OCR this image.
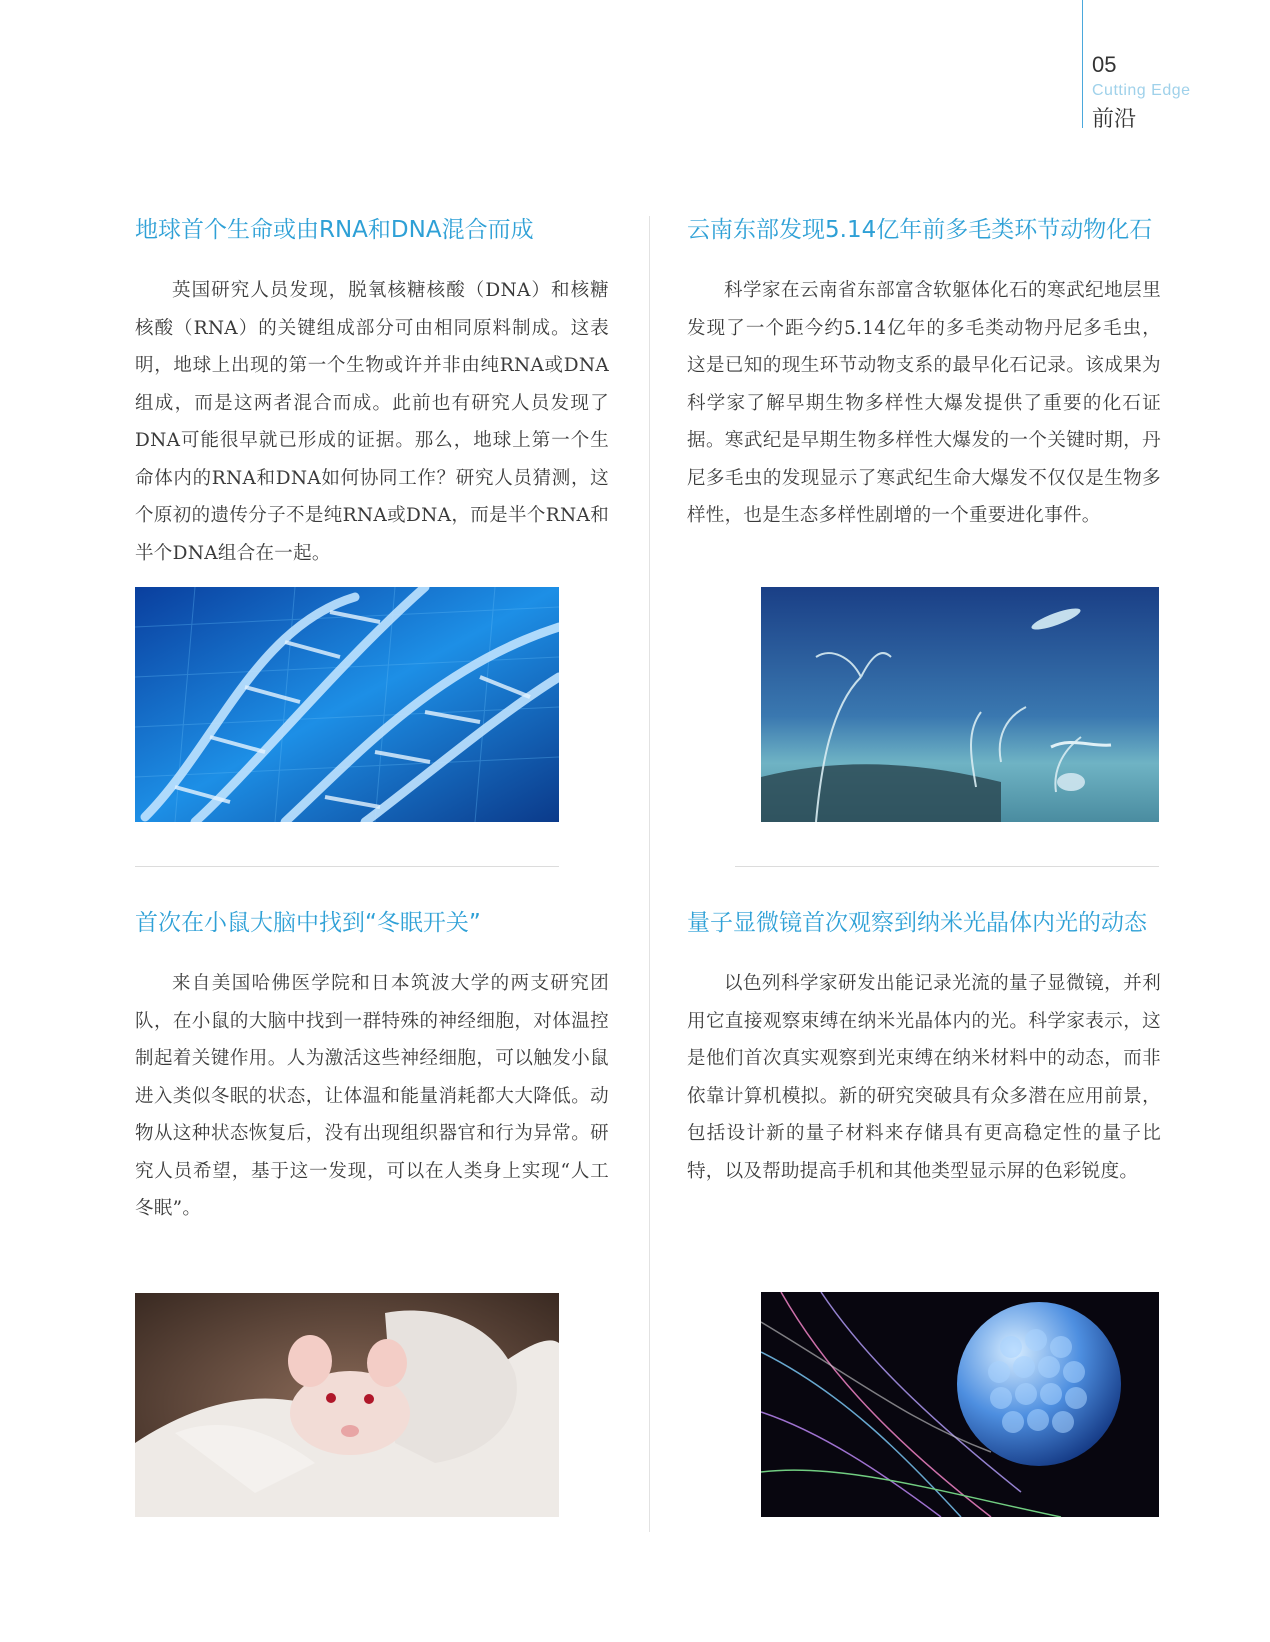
05
Cutting Edge
前沿
地球首个生命或由RNA和DNA混合而成

英国研究人员发现，脱氧核糖核酸（DNA）和核糖核酸（RNA）的关键组成部分可由相同原料制成。这表明，地球上出现的第一个生物或许并非由纯RNA或DNA组成，而是这两者混合而成。此前也有研究人员发现了DNA可能很早就已形成的证据。那么，地球上第一个生命体内的RNA和DNA如何协同工作？研究人员猜测，这个原初的遗传分子不是纯RNA或DNA，而是半个RNA和半个DNA组合在一起。

云南东部发现5.14亿年前多毛类环节动物化石

科学家在云南省东部富含软躯体化石的寒武纪地层里发现了一个距今约5.14亿年的多毛类动物丹尼多毛虫，这是已知的现生环节动物支系的最早化石记录。该成果为科学家了解早期生物多样性大爆发提供了重要的化石证据。寒武纪是早期生物多样性大爆发的一个关键时期，丹尼多毛虫的发现显示了寒武纪生命大爆发不仅仅是生物多样性，也是生态多样性剧增的一个重要进化事件。

首次在小鼠大脑中找到“冬眠开关”

来自美国哈佛医学院和日本筑波大学的两支研究团队，在小鼠的大脑中找到一群特殊的神经细胞，对体温控制起着关键作用。人为激活这些神经细胞，可以触发小鼠进入类似冬眠的状态，让体温和能量消耗都大大降低。动物从这种状态恢复后，没有出现组织器官和行为异常。研究人员希望，基于这一发现，可以在人类身上实现“人工冬眠”。

量子显微镜首次观察到纳米光晶体内光的动态

以色列科学家研发出能记录光流的量子显微镜，并利用它直接观察束缚在纳米光晶体内的光。科学家表示，这是他们首次真实观察到光束缚在纳米材料中的动态，而非依靠计算机模拟。新的研究突破具有众多潜在应用前景，包括设计新的量子材料来存储具有更高稳定性的量子比特，以及帮助提高手机和其他类型显示屏的色彩锐度。
